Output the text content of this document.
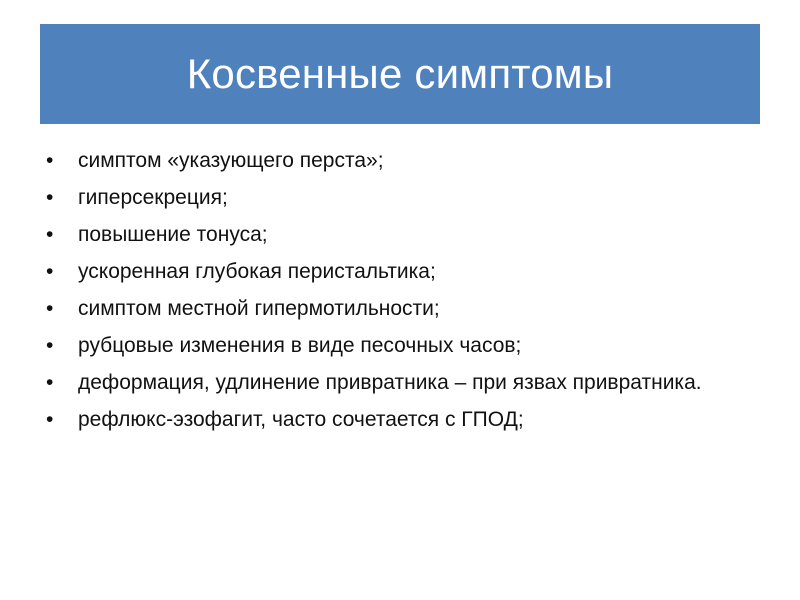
Косвенные симптомы
• симптом «указующего перста»;
• гиперсекреция;
• повышение тонуса;
• ускоренная глубокая перистальтика;
• симптом местной гипермотильности;
• рубцовые изменения в виде песочных часов;
• деформация, удлинение привратника – при язвах привратника.
• рефлюкс-эзофагит, часто сочетается с ГПОД;
